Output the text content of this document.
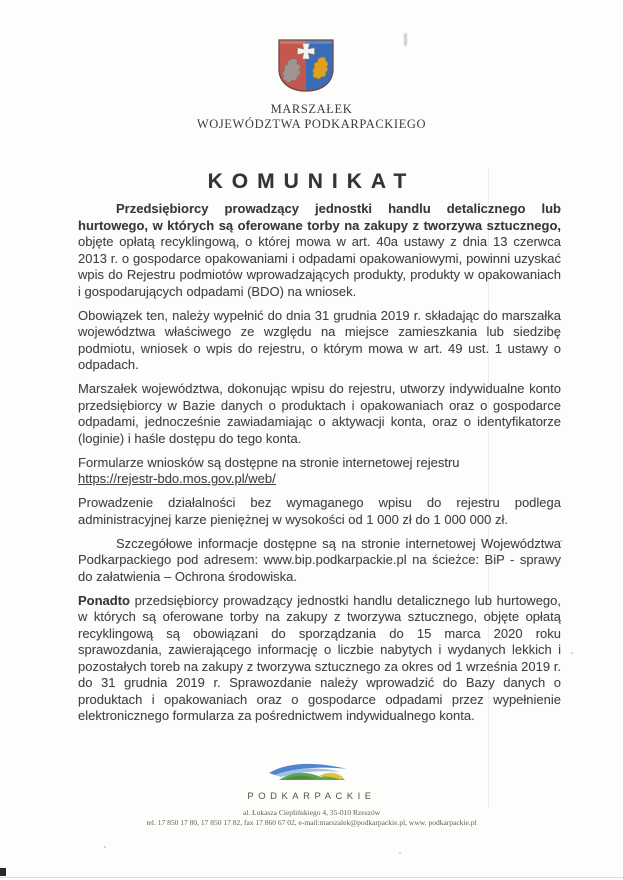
MARSZAŁEK
WOJEWÓDZTWA PODKARPACKIEGO
KOMUNIKAT

Przedsiębiorcy prowadzący jednostki handlu detalicznego lub hurtowego, w których są oferowane torby na zakupy z tworzywa sztucznego, objęte opłatą recyklingową, o której mowa w art. 40a ustawy z dnia 13 czerwca 2013 r. o gospodarce opakowaniami i odpadami opakowaniowymi, powinni uzyskać wpis do Rejestru podmiotów wprowadzających produkty, produkty w opakowaniach i gospodarujących odpadami (BDO) na wniosek.

Obowiązek ten, należy wypełnić do dnia 31 grudnia 2019 r. składając do marszałka województwa właściwego ze względu na miejsce zamieszkania lub siedzibę podmiotu, wniosek o wpis do rejestru, o którym mowa w art. 49 ust. 1 ustawy o odpadach.

Marszałek województwa, dokonując wpisu do rejestru, utworzy indywidualne konto przedsiębiorcy w Bazie danych o produktach i opakowaniach oraz o gospodarce odpadami, jednocześnie zawiadamiając o aktywacji konta, oraz o identyfikatorze (loginie) i haśle dostępu do tego konta.

Formularze wniosków są dostępne na stronie internetowej rejestru
https://rejestr-bdo.mos.gov.pl/web/

Prowadzenie działalności bez wymaganego wpisu do rejestru podlega administracyjnej karze pieniężnej w wysokości od 1 000 zł do 1 000 000 zł.

Szczegółowe informacje dostępne są na stronie internetowej Województwa Podkarpackiego pod adresem: www.bip.podkarpackie.pl na ścieżce: BiP - sprawy do załatwienia – Ochrona środowiska.

Ponadto przedsiębiorcy prowadzący jednostki handlu detalicznego lub hurtowego, w których są oferowane torby na zakupy z tworzywa sztucznego, objęte opłatą recyklingową są obowiązani do sporządzania do 15 marca 2020 roku sprawozdania, zawierającego informację o liczbie nabytych i wydanych lekkich i pozostałych toreb na zakupy z tworzywa sztucznego za okres od 1 września 2019 r. do 31 grudnia 2019 r. Sprawozdanie należy wprowadzić do Bazy danych o produktach i opakowaniach oraz o gospodarce odpadami przez wypełnienie elektronicznego formularza za pośrednictwem indywidualnego konta.

PODKARPACKIE
al. Łukasza Cieplińskiego 4, 35-010 Rzeszów
tel. 17 850 17 80, 17 850 17 82, fax 17 860 67 02, e-mail:marszalek@podkarpackie.pl, www. podkarpackie.pl
